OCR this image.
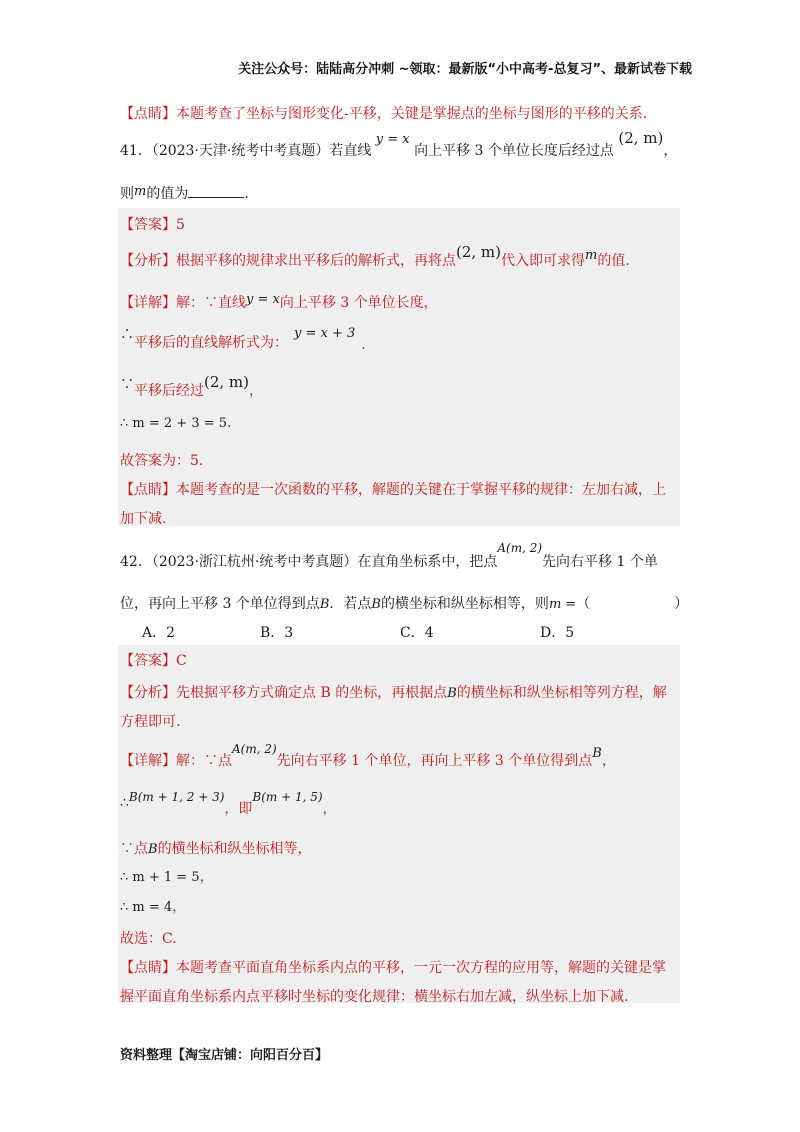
关注公众号：陆陆高分冲刺 ~领取：最新版“小中高考-总复习”、最新试卷下载
【点睛】本题考查了坐标与图形变化-平移，关键是掌握点的坐标与图形的平移的关系.
41．（2023·天津·统考中考真题）若直线 y = x 向上平移 3 个单位长度后经过点 (2, m)，
则m的值为	.
【答案】5
【分析】根据平移的规律求出平移后的解析式，再将点(2, m)代入即可求得m的值.
【详解】解：∵直线y = x向上平移 3 个单位长度，
∴平移后的直线解析式为：y = x + 3.
∵平移后经过(2, m)，
∴ m = 2 + 3 = 5.
故答案为：5.
【点睛】本题考查的是一次函数的平移，解题的关键在于掌握平移的规律：左加右减，上
加下减.
42．（2023·浙江杭州·统考中考真题）在直角坐标系中，把点A(m, 2)先向右平移 1 个单
位，再向上平移 3 个单位得到点B．若点B的横坐标和纵坐标相等，则m =（　　　　　　）
A．2	B．3	C．4	D．5
【答案】C
【分析】先根据平移方式确定点 B 的坐标，再根据点B的横坐标和纵坐标相等列方程，解
方程即可.
【详解】解：∵点A(m, 2)先向右平移 1 个单位，再向上平移 3 个单位得到点B，
∴B(m + 1, 2 + 3)，即B(m + 1, 5)，
∵点B的横坐标和纵坐标相等，
∴ m + 1 = 5，
∴ m = 4，
故选：C.
【点睛】本题考查平面直角坐标系内点的平移，一元一次方程的应用等，解题的关键是掌
握平面直角坐标系内点平移时坐标的变化规律：横坐标右加左减，纵坐标上加下减.
资料整理【淘宝店铺：向阳百分百】
